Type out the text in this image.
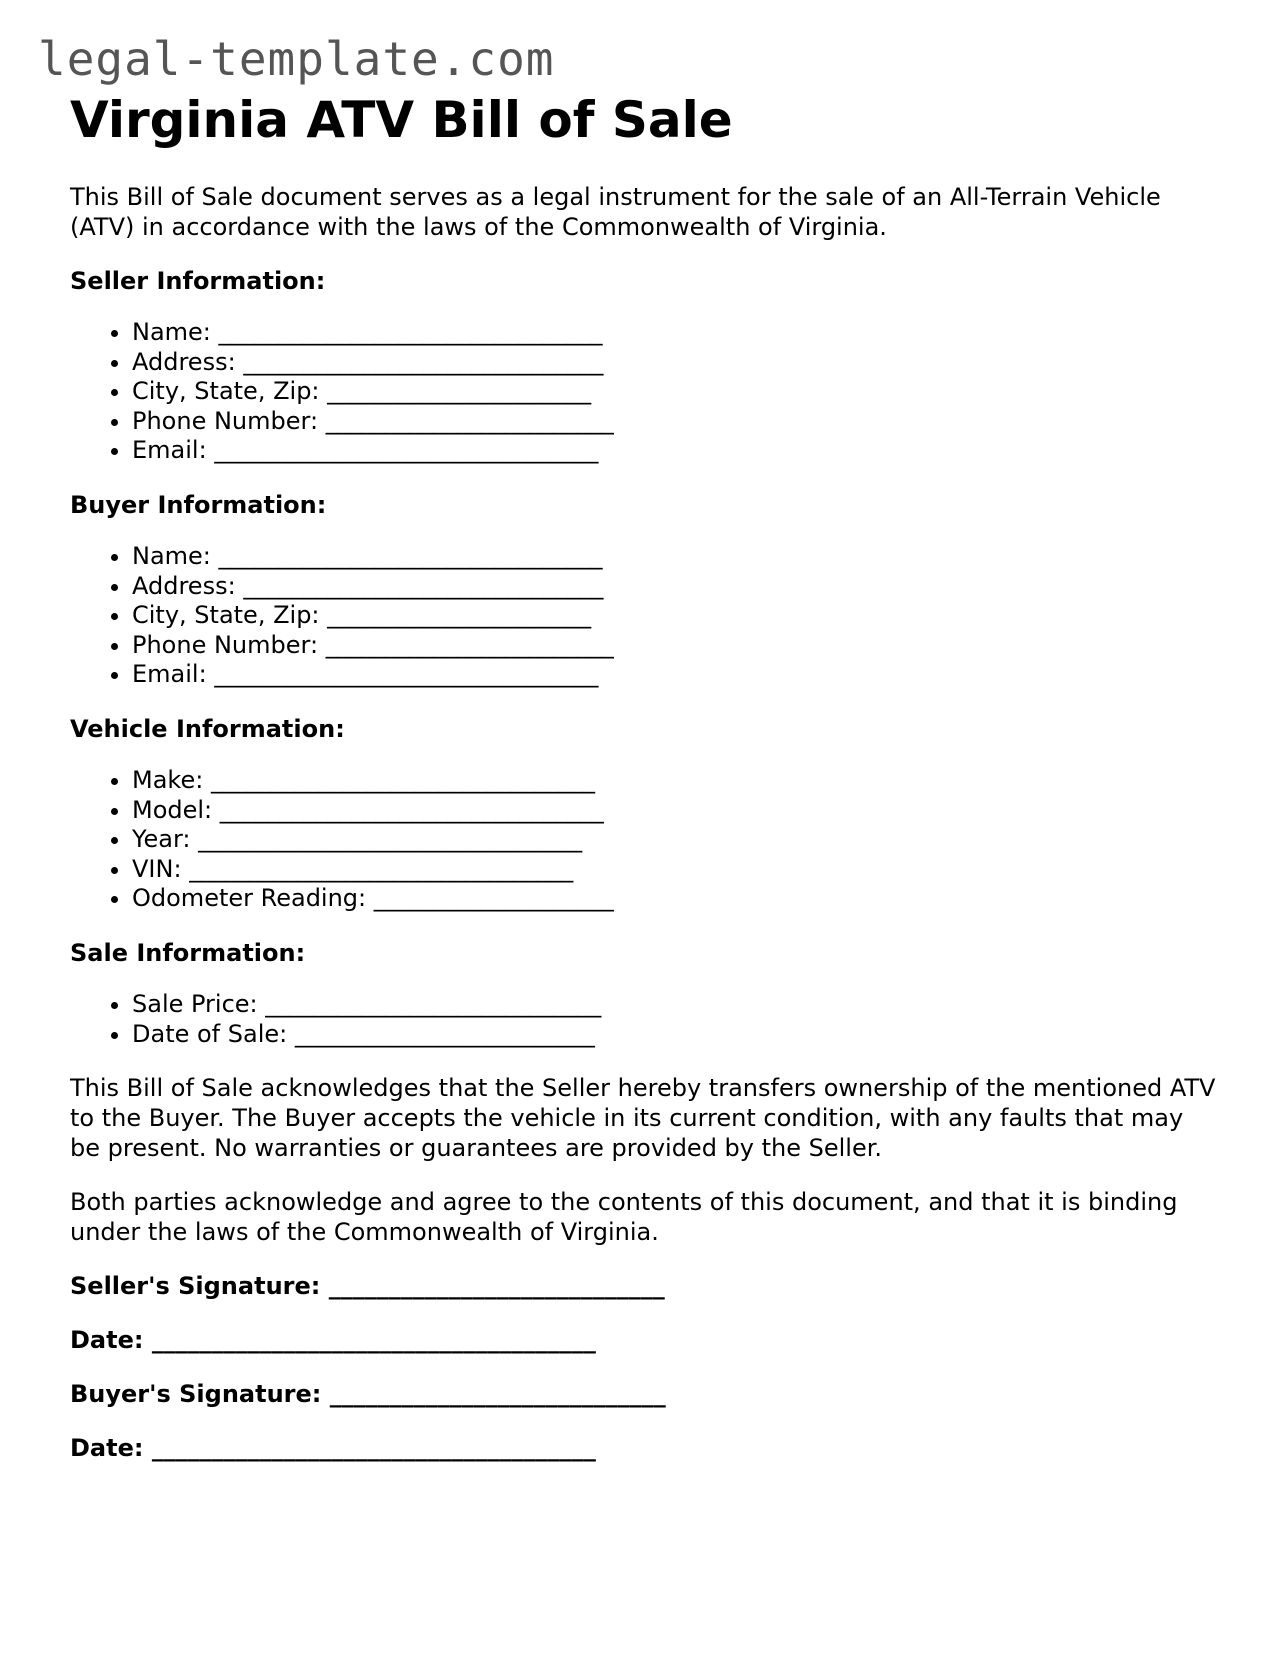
legal-template.com
Virginia ATV Bill of Sale

This Bill of Sale document serves as a legal instrument for the sale of an All-Terrain Vehicle (ATV) in accordance with the laws of the Commonwealth of Virginia.

Seller Information:
• Name: ________________________________
• Address: ______________________________
• City, State, Zip: ______________________
• Phone Number: ________________________
• Email: ________________________________
Buyer Information:
• Name: ________________________________
• Address: ______________________________
• City, State, Zip: ______________________
• Phone Number: ________________________
• Email: ________________________________
Vehicle Information:
• Make: ________________________________
• Model: ________________________________
• Year: ________________________________
• VIN: ________________________________
• Odometer Reading: ____________________
Sale Information:
• Sale Price: ____________________________
• Date of Sale: _________________________

This Bill of Sale acknowledges that the Seller hereby transfers ownership of the mentioned ATV to the Buyer. The Buyer accepts the vehicle in its current condition, with any faults that may be present. No warranties or guarantees are provided by the Seller.

Both parties acknowledge and agree to the contents of this document, and that it is binding under the laws of the Commonwealth of Virginia.

Seller's Signature: ____________________________
Date: _____________________________________
Buyer's Signature: ____________________________
Date: _____________________________________
